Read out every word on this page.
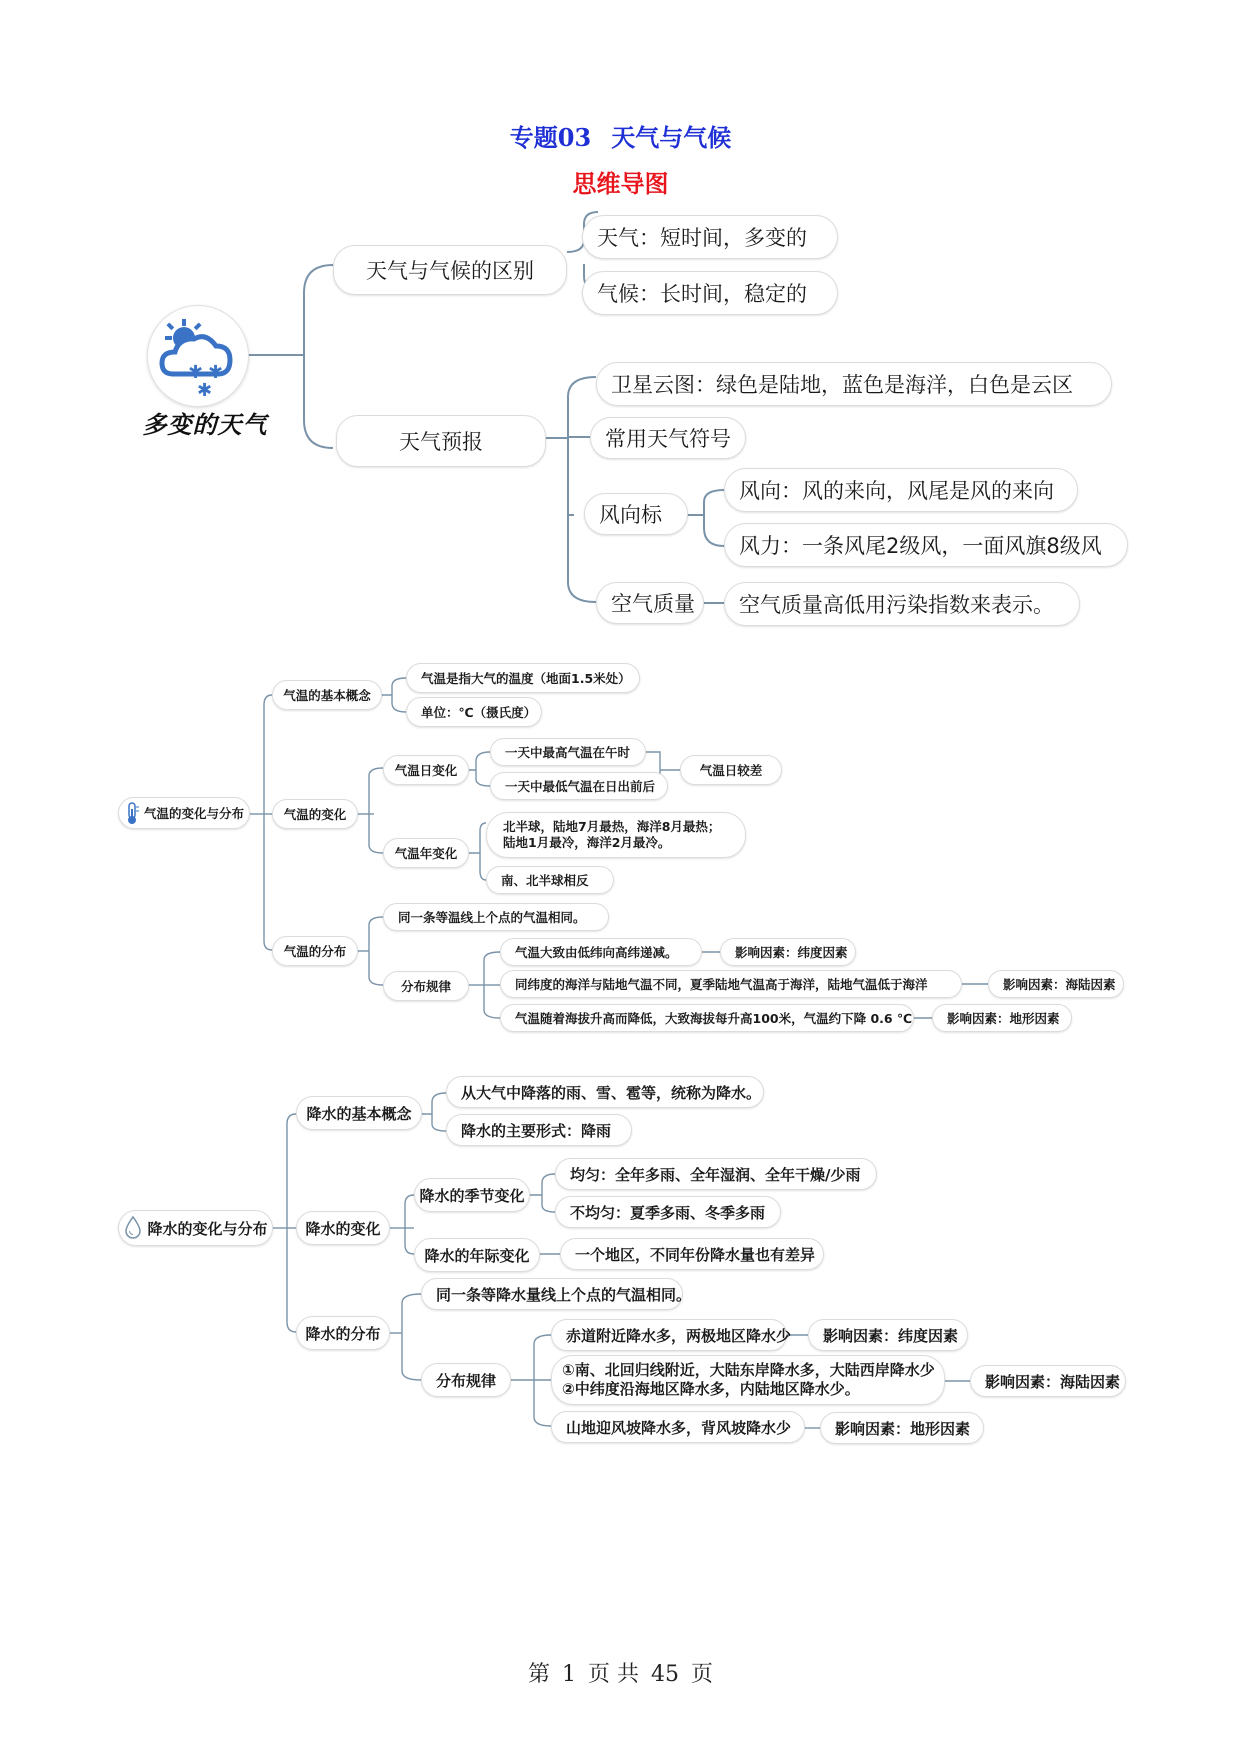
专题03 天气与气候
思维导图
✱ ✱
✱
多变的天气
天气与气候的区别
天气：短时间，多变的
气候：长时间，稳定的
天气预报
卫星云图：绿色是陆地，蓝色是海洋，白色是云区
常用天气符号
风向标
风向：风的来向，风尾是风的来向
风力：一条风尾2级风，一面风旗8级风
空气质量	空气质量高低用污染指数来表示。
气温的变化与分布
气温的基本概念
气温是指大气的温度（地面1.5米处）
单位：℃（摄氏度）
气温的变化
气温日变化
一天中最高气温在午时
一天中最低气温在日出前后
气温日较差
气温年变化
北半球，陆地7月最热，海洋8月最热；
陆地1月最冷，海洋2月最冷。
南、北半球相反
气温的分布
同一条等温线上个点的气温相同。
分布规律
气温大致由低纬向高纬递减。	影响因素：纬度因素
同纬度的海洋与陆地气温不同，夏季陆地气温高于海洋，陆地气温低于海洋	影响因素：海陆因素
气温随着海拔升高而降低，大致海拔每升高100米，气温约下降 0.6 ℃	影响因素：地形因素
降水的变化与分布
降水的基本概念
从大气中降落的雨、雪、雹等，统称为降水。
降水的主要形式：降雨
降水的变化
降水的季节变化
均匀：全年多雨、全年湿润、全年干燥/少雨
不均匀：夏季多雨、冬季多雨
降水的年际变化	一个地区，不同年份降水量也有差异
降水的分布
同一条等降水量线上个点的气温相同。
分布规律
赤道附近降水多，两极地区降水少	影响因素：纬度因素
①南、北回归线附近，大陆东岸降水多，大陆西岸降水少
②中纬度沿海地区降水多，内陆地区降水少。	影响因素：海陆因素
山地迎风坡降水多，背风坡降水少	影响因素：地形因素
第 1 页 共 45 页
